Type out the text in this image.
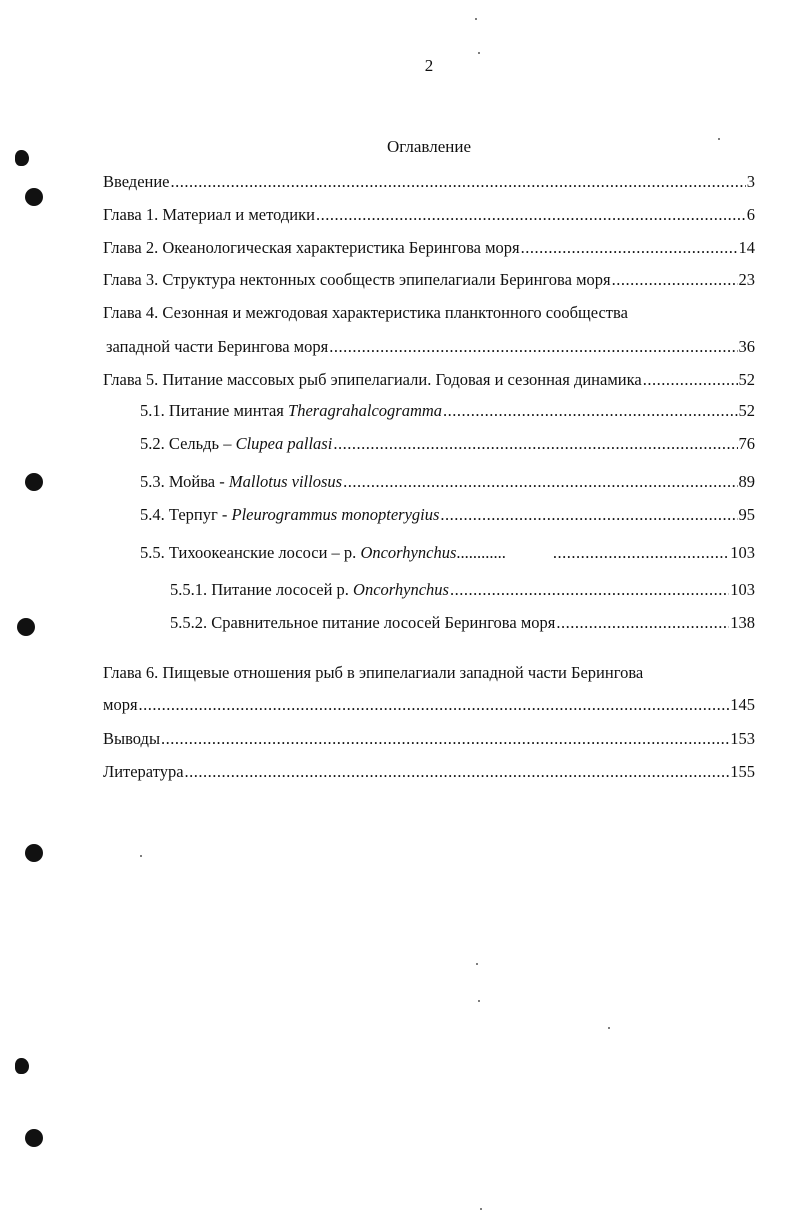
2
Оглавление
Введение .....	3
Глава 1. Материал и методики .....	6
Глава 2. Океанологическая характеристика Берингова моря .....	14
Глава 3. Структура нектонных сообществ эпипелагиали Берингова моря .....	23
Глава 4. Сезонная и межгодовая характеристика планктонного сообщества
западной части Берингова моря .....	36
Глава 5. Питание массовых рыб эпипелагиали. Годовая и сезонная динамика .....	52
5.1. Питание минтая Theragrahalcogramma .....	52
5.2. Сельдь – Clupea pallasi .....	76
5.3. Мойва - Mallotus villosus .....	89
5.4. Терпуг - Pleurogrammus monopterygius .....	95
5.5. Тихоокеанские лососи – р. Oncorhynchus............ .....	103
5.5.1. Питание лососей р. Oncorhynchus .....	103
5.5.2. Сравнительное питание лососей Берингова моря .....	138
Глава 6. Пищевые отношения рыб в эпипелагиали западной части Берингова
моря .....	145
Выводы .....	153
Литература .....	155
